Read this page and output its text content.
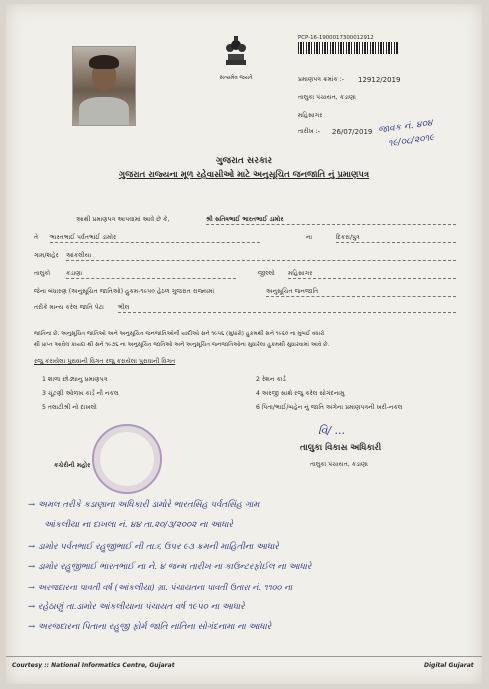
સત્યમેવ જયતે
PCP-16-1900017300012912
પ્રમાણપત્ર ક્રમાંક :- 12912/2019
તાલુકા પંચાયત, કડાણા
મહિસાગર
તારીખ :- 26/07/2019 જાવક નં. ૪૦૪
૧૯/૦૮/૨૦૧૯
ગુજરાત સરકાર
ગુજરાત રાજ્યના મૂળ રહેવાસીઓ માટે અનુસૂચિત જનજાતિ નું પ્રમાણપત્ર
આથી પ્રમાણપત્ર આપવામાં આવે છે કે,	શ્રી સતિષભાઈ ભારતભાઈ ડામોર
તે ભારતભાઈ પર્વતભાઈ ડામોર	ના	દિકરા/પુત્ર
ગામ/શહેર આંકલીયા
તાલુકો	કડાણા	જીલ્લો મહિસાગર
જેના બંધારણ (અનુસૂચિત જાતિઓ) હુકમ-૧૯૫૦ હેઠળ ગુજરાત રાજ્યમાં	અનુસૂચિત જનજાતિ
તરીકે માન્ય કરેલ જાતિ પેટા ભીલ
જાતિના છે. અનુસૂચિત જાતિઓ અને અનુસૂચિત જનજાતિઓની યાદીઓ સને ૧૯૫૬ (સુધારો) હુકમથી સને ૧૯૬૦ ના મુંબઈ વધારો
થી પ્રાપ્ત આવેલ કાયદા થી સને ૧૯૭૬ ના અનુસૂચિત જાતિઓ અને અનુસૂચિત જનજાતિઓના સુધારેલા હુકમથી સુધારવામાં આવે છે.
રજુ કરાયેલા પુરાવાની વિગત રજુ કરાયેલા પુરાવાની વિગત
1 શાળા છોડ્યાનુ પ્રમાણપત્ર	2 રેશન કાર્ડ
3 ચૂંટણી ઓળખ કાર્ડ ની નકલ	4 અરજી સાથે રજુ કરેલ સોગંદનામુ
5 તલાટીશ્રી નો દાખલો	6 પિતા/ભાઈ/બહેન નું જાતિ અંગેના પ્રમાણપત્રની ખરી-નકલ
કચેરીની મહોર
વિ/ ...
તાલુકા વિકાસ અધિકારી
તાલુકા પંચાયત, કડાણા
→ અમલ તરીકે કડાણાના અધિકારી ડામોરે ભારતસિંહ પર્વતસિંહ ગામ
આંકલીયા ના દાખલા નં. ૪૪ તા.૨૦/૩/૨૦૦૨ ના આધારે
→ ડામોર પર્વતભાઈ રહુજીભાઈ ની તા.૬ ઉપર ૯૩ ક્રમની માહિતીના આધારે
→ ડામોર રહુજીભાઈ ભારતભાઈ ના ને. ૪ જન્મ તારીખ ના કાઉન્ટરફોઈલ ના આધારે
→ અરજદારના પાવતી વર્ષ (આંકલીયા) ગ્રા. પંચાયતના પાવતી ઉતારા નં. ૧૧૦૦ ના
→ રહેઠાણું તા.ડામોર આંકલીયાના પંચાયત વર્ષ ૧૯૫૦ ના આધારે
→ અરજદારના પિતાના રહુજી ફોર્મ જાતિ નાતિના સોગંદનામા ના આધારે
Courtesy :: National Informatics Centre, Gujarat	Digital Gujarat
